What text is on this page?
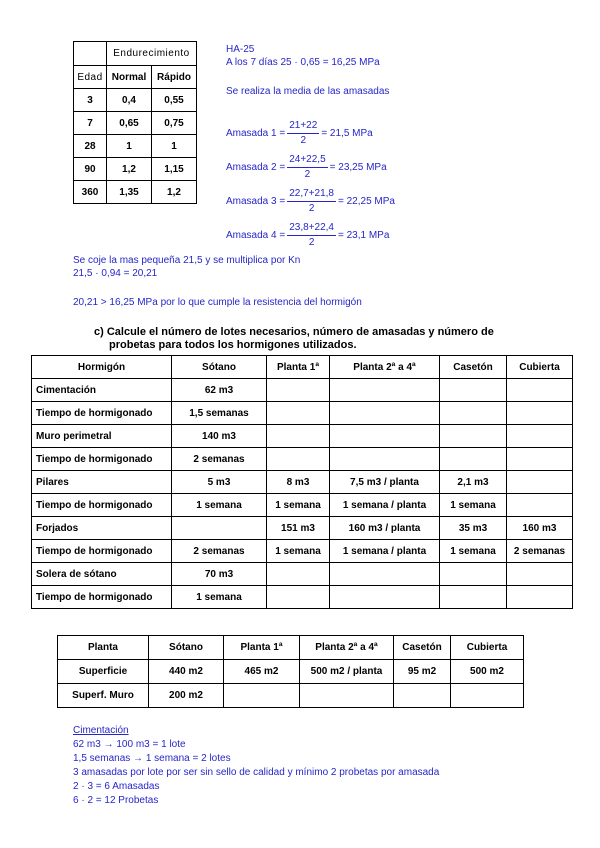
	Endurecimiento	
Edad	Normal	Rápido
3	0,4	0,55
7	0,65	0,75
28	1	1
90	1,2	1,15
360	1,35	1,2
HA-25
A los 7 días 25 · 0,65 = 16,25 MPa
Se realiza la media de las amasadas
Amasada $1 = \frac{21+22}{2} = 21,5$ MPa
Amasada $2 = \frac{24+22,5}{2} = 23,25$ MPa
Amasada $3 = \frac{22,7+21,8}{2} = 22,25$ MPa
Amasada $4 = \frac{23,8+22,4}{2} = 23,1$ MPa
Se coje la mas pequeña 21,5 y se multiplica por Kn
21,5 · 0,94 = 20,21
20,21 > 16,25 MPa por lo que cumple la resistencia del hormigón
c) Calcule el número de lotes necesarios, número de amasadas y número de
probetas para todos los hormigones utilizados.
Hormigón	Sótano	Planta 1ª	Planta 2ª a 4ª	Casetón	Cubierta
Cimentación	62 m3				
Tiempo de hormigonado	1,5 semanas				
Muro perimetral	140 m3				
Tiempo de hormigonado	2 semanas				
Pilares	5 m3	8 m3	7,5 m3 / planta	2,1 m3	
Tiempo de hormigonado	1 semana	1 semana	1 semana / planta	1 semana	
Forjados		151 m3	160 m3 / planta	35 m3	160 m3
Tiempo de hormigonado	2 semanas	1 semana	1 semana / planta	1 semana	2 semanas
Solera de sótano	70 m3				
Tiempo de hormigonado	1 semana				
Planta	Sótano	Planta 1ª	Planta 2ª a 4ª	Casetón	Cubierta
Superficie	440 m2	465 m2	500 m2 / planta	95 m2	500 m2
Superf. Muro	200 m2				
Cimentación
62 m3 → 100 m3 = 1 lote
1,5 semanas → 1 semana = 2 lotes
3 amasadas por lote por ser sin sello de calidad y mínimo 2 probetas por amasada
2 · 3 = 6 Amasadas
6 · 2 = 12 Probetas
